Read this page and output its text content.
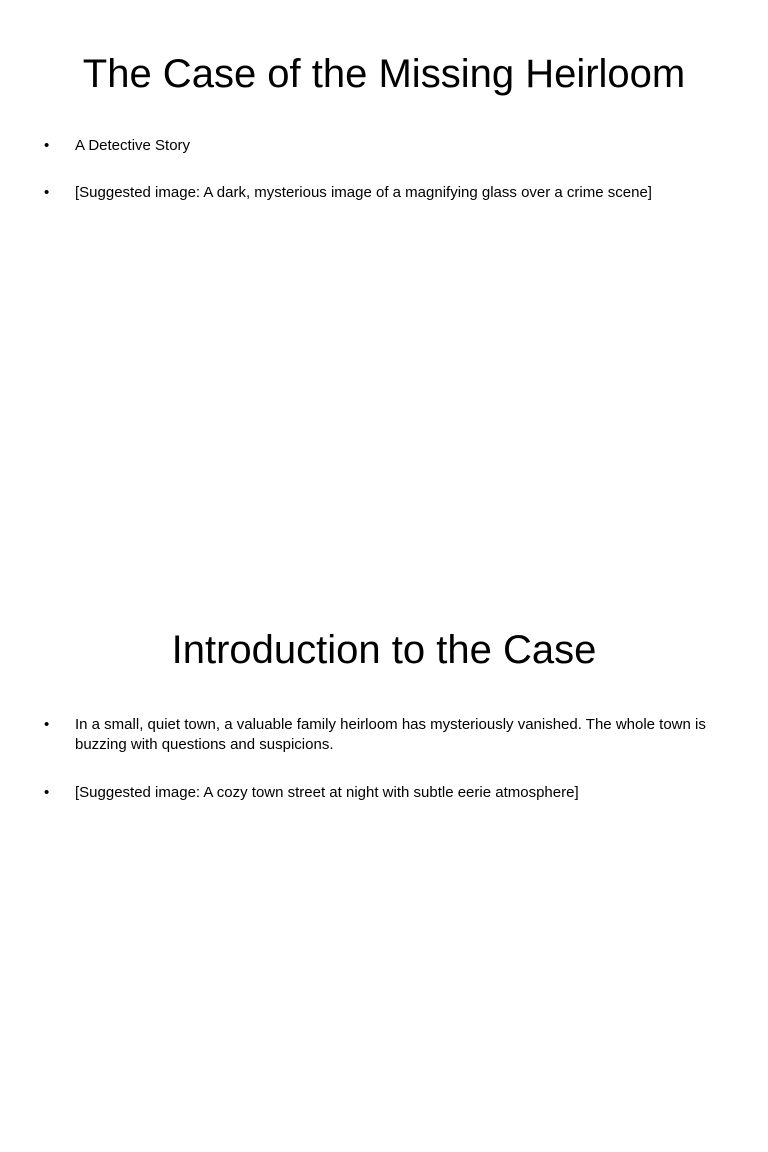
The Case of the Missing Heirloom
• A Detective Story
• [Suggested image: A dark, mysterious image of a magnifying glass over a crime scene]
Introduction to the Case
• In a small, quiet town, a valuable family heirloom has mysteriously vanished. The whole town is buzzing with questions and suspicions.
• [Suggested image: A cozy town street at night with subtle eerie atmosphere]
